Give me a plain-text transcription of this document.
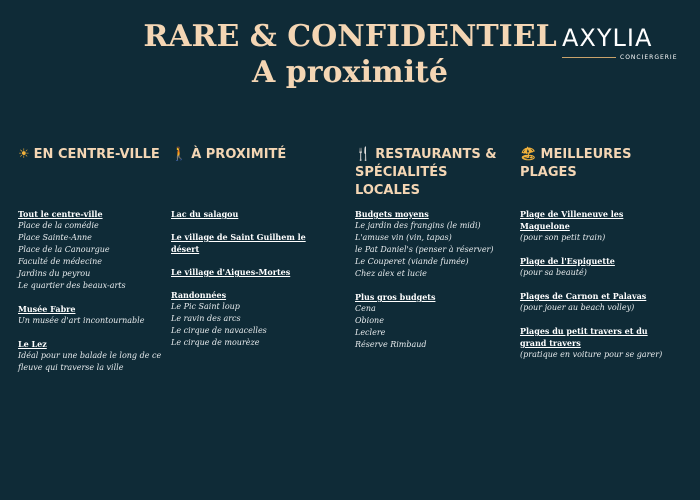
RARE & CONFIDENTIEL
A proximité
AXYLIA
CONCIERGERIE
☀ EN CENTRE-VILLE
Tout le centre-ville
Place de la comédie
Place Sainte-Anne
Place de la Canourgue
Faculté de médecine
Jardins du peyrou
Le quartier des beaux-arts
Musée Fabre
Un musée d'art incontournable
Le Lez
Idéal pour une balade le long de ce
fleuve qui traverse la ville
🚶 À PROXIMITÉ
Lac du salagou
Le village de Saint Guilhem le désert
Le village d'Aigues-Mortes
Randonnées
Le Pic Saint loup
Le ravin des arcs
Le cirque de navacelles
Le cirque de mourèze
🍴 RESTAURANTS & SPÉCIALITÉS LOCALES
Budgets moyens
Le jardin des frangins (le midi)
L'amuse vin (vin, tapas)
le Pat Daniel's (penser à réserver)
Le Couperet (viande fumée)
Chez alex et lucie
Plus gros budgets
Cena
Obione
Leclere
Réserve Rimbaud
🏖 MEILLEURES PLAGES
Plage de Villeneuve les Maguelone
(pour son petit train)
Plage de l'Espiguette
(pour sa beauté)
Plages de Carnon et Palavas
(pour jouer au beach volley)
Plages du petit travers et du grand travers
(pratique en voiture pour se garer)
